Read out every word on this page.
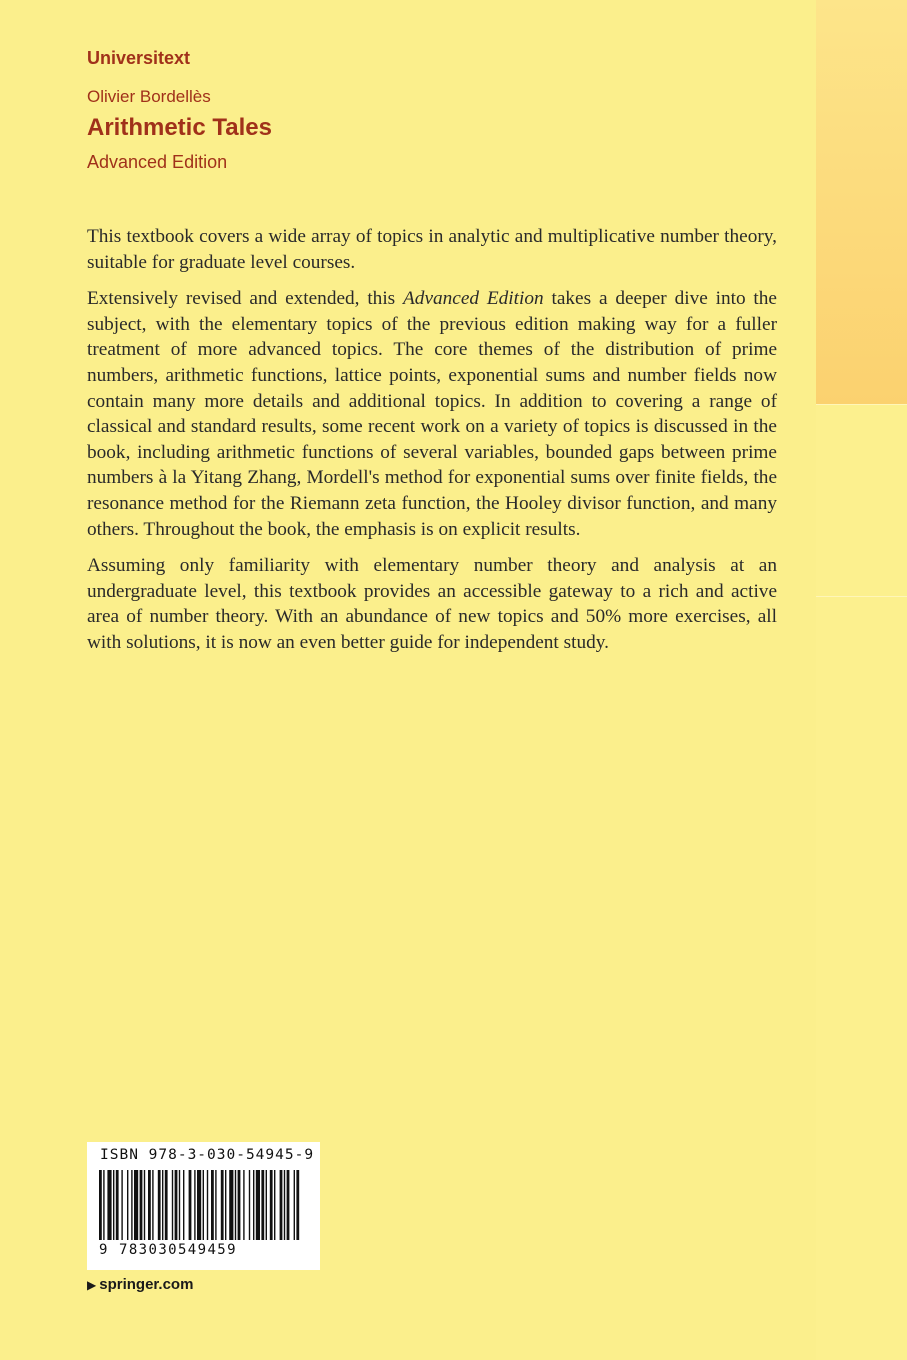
Universitext
Olivier Bordellès
Arithmetic Tales
Advanced Edition

This textbook covers a wide array of topics in analytic and multiplicative number theory, suitable for graduate level courses.

Extensively revised and extended, this Advanced Edition takes a deeper dive into the subject, with the elementary topics of the previous edition making way for a fuller treatment of more advanced topics. The core themes of the distribution of prime numbers, arithmetic functions, lattice points, exponential sums and number fields now contain many more details and additional topics. In addition to covering a range of classical and standard results, some recent work on a variety of topics is discussed in the book, including arithmetic functions of several variables, bounded gaps between prime numbers à la Yitang Zhang, Mordell's method for exponential sums over finite fields, the resonance method for the Riemann zeta function, the Hooley divisor function, and many others. Throughout the book, the emphasis is on explicit results.

Assuming only familiarity with elementary number theory and analysis at an undergraduate level, this textbook provides an accessible gateway to a rich and active area of number theory. With an abundance of new topics and 50% more exercises, all with solutions, it is now an even better guide for independent study.

ISBN 978-3-030-54945-9
9 783030549459
▶ springer.com
